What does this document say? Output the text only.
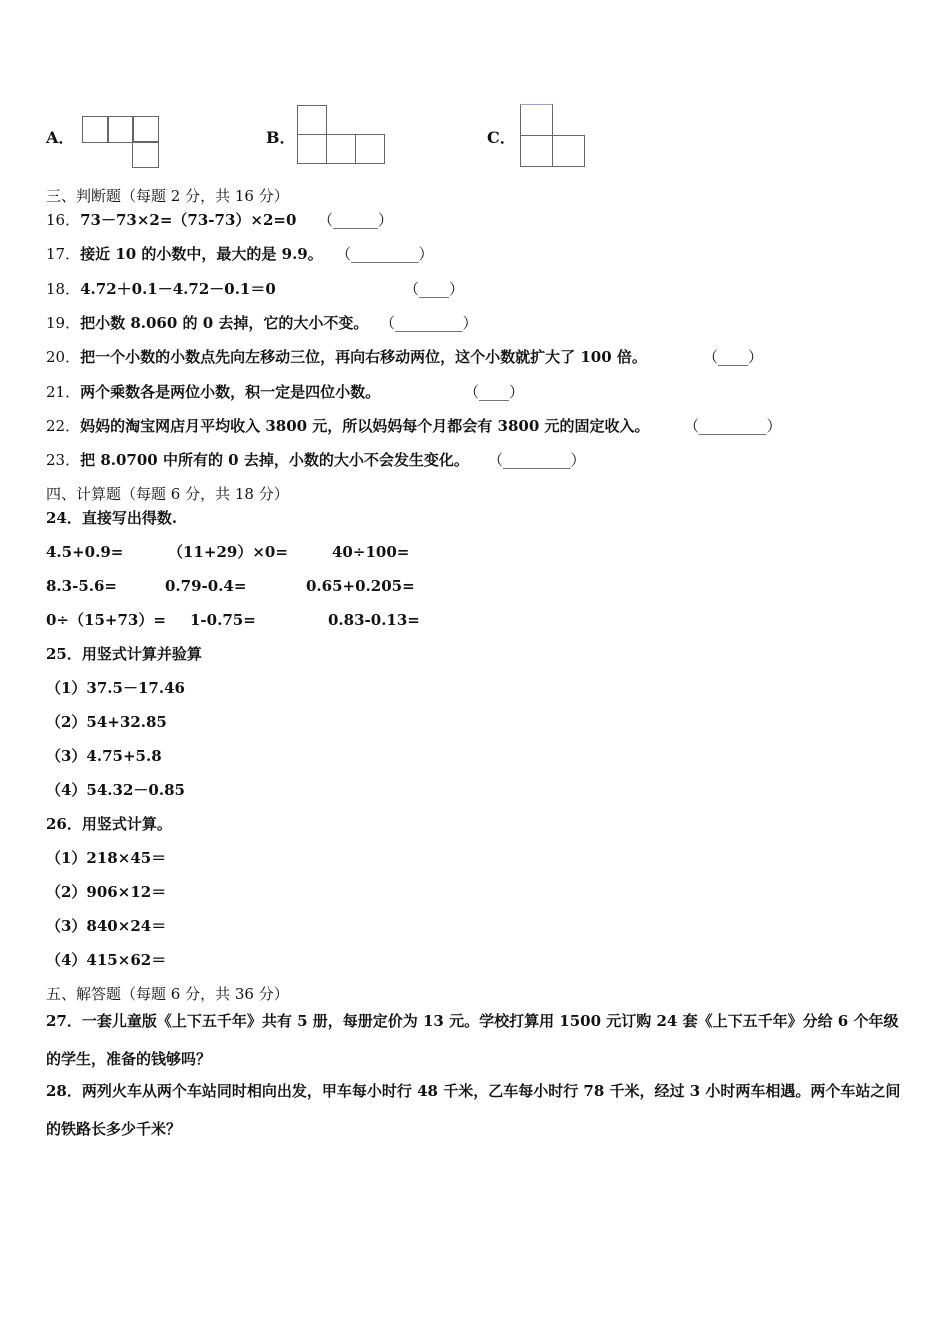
A．	B．	C．
三、判断题（每题 2 分，共 16 分）
16．73－73×2=（73-73）×2=0 （______）
17．接近 10 的小数中，最大的是 9.9。 （_________）
18．4.72＋0.1－4.72－0.1＝0	（____）
19．把小数 8.060 的 0 去掉，它的大小不变。 （_________）
20．把一个小数的小数点先向左移动三位，再向右移动两位，这个小数就扩大了 100 倍。	（____）
21．两个乘数各是两位小数，积一定是四位小数。	（____）
22．妈妈的淘宝网店月平均收入 3800 元，所以妈妈每个月都会有 3800 元的固定收入。 （_________）
23．把 8.0700 中所有的 0 去掉，小数的大小不会发生变化。 （_________）
四、计算题（每题 6 分，共 18 分）
24．直接写出得数.
4.5+0.9=	（11+29）×0=	40÷100=
8.3-5.6=	0.79-0.4=	0.65+0.205=
0÷（15+73）= 1-0.75=	0.83-0.13=
25．用竖式计算并验算
（1）37.5－17.46
（2）54+32.85
（3）4.75+5.8
（4）54.32－0.85
26．用竖式计算。
（1）218×45＝
（2）906×12＝
（3）840×24＝
（4）415×62＝
五、解答题（每题 6 分，共 36 分）
27．一套儿童版《上下五千年》共有 5 册，每册定价为 13 元。学校打算用 1500 元订购 24 套《上下五千年》分给 6 个年级的学生，准备的钱够吗？
28．两列火车从两个车站同时相向出发，甲车每小时行 48 千米，乙车每小时行 78 千米，经过 3 小时两车相遇。两个车站之间的铁路长多少千米？
